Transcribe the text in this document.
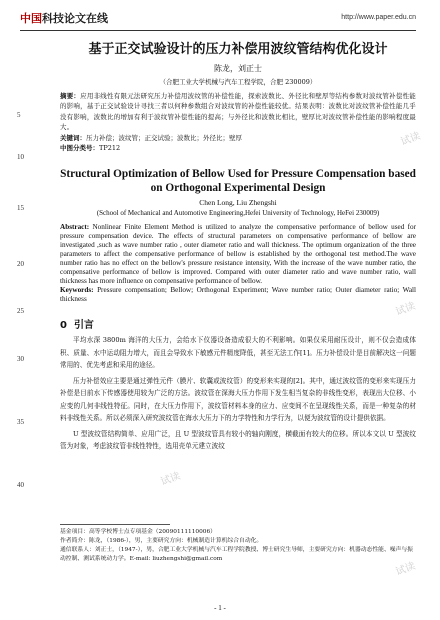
中国科技论文在线	http://www.paper.edu.cn
5
10
15
20
25
30
35
40
基于正交试验设计的压力补偿用波纹管结构优化设计
陈龙，刘正士
（合肥工业大学机械与汽车工程学院，合肥 230009）
摘要：应用非线性有限元法研究压力补偿用波纹管的补偿性能，探索波数比、外径比和壁厚等结构参数对波纹管补偿性能的影响，基于正交试验设计寻找三者以何种参数组合对波纹管的补偿性能较优。结果表明：波数比对波纹管补偿性能几乎没有影响，波数比的增加有利于波纹管补偿性能的提高；与外径比和波数比相比，壁厚比对波纹管补偿性能的影响程度最大。
关键词：压力补偿；波纹管；正交试验；波数比；外径比；壁厚
中图分类号：TP212
Structural Optimization of Bellow Used for Pressure Compensation based on Orthogonal Experimental Design
Chen Long, Liu Zhengshi
(School of Mechanical and Automotive Engineering,Hefei University of Technology, HeFei 230009)
Abstract: Nonlinear Finite Element Method is utilized to analyze the compensative performance of bellow used for pressure compensation device. The effects of structural parameters on compensative performance of bellow are investigated ,such as wave number ratio , outer diameter ratio and wall thickness. The optimum organization of the three parameters to affect the compensative performance of bellow is established by the orthogonal test method.The wave number ratio has no effect on the bellow's pressure resistance intensity, With the increase of the wave number ratio, the compensative performance of bellow is improved. Compared with outer diameter ratio and wave number ratio, wall thickness has more influence on compensative performance of bellow.
Keywords: Pressure compensation; Bellow; Orthogonal Experiment; Wave number ratio; Outer diameter ratio; Wall thickness
0 引言

平均水深 3800m 海洋的大压力，会给水下仪器设备造成很大的不利影响。如果仅采用耐压设计，则不仅会造成体积、质量、水中运动阻力增大，而且会导致水下敏感元件精度降低，甚至无法工作[1]。压力补偿设计是目前解决这一问题常用的、优先考虑和采用的途径。

压力补偿效应主要是通过弹性元件（膜片、软囊或波纹管）的变形来实现的[2]。其中，通过波纹管的变形来实现压力补偿是目前水下传感器使用较为广泛的方法。波纹管在深海大压力作用下发生相当复杂的非线性变形，表现出大位移、小应变的几何非线性特征。同时，在大压力作用下，波纹管材料本身的应力、应变间不在呈现线性关系，而是一种复杂的材料非线性关系。所以必须深入研究波纹管在海水大压力下的力学特性和力学行为，以便为波纹管的设计提供依据。

U 型波纹管结构简单、应用广泛，且 U 型波纹管具有较小的轴向刚度，横截面有较大的位移。所以本文以 U 型波纹管为对象，考虑波纹管非线性特性，选用壳单元建立波纹

基金项目：高等学校博士点专项基金（20090111110006）
作者简介：陈龙，（1986-），男，主要研究方向：机械制造计算机综合自动化。
通信联系人：刘正士，（1947-），男，合肥工业大学机械与汽车工程学院教授、博士研究生导师，主要研究方向：机器动态性能、噪声与振动控制、测试系统动力学。E-mail: liuzhengshi@gmail.com
- 1 -
试读
试读
试读
试读
